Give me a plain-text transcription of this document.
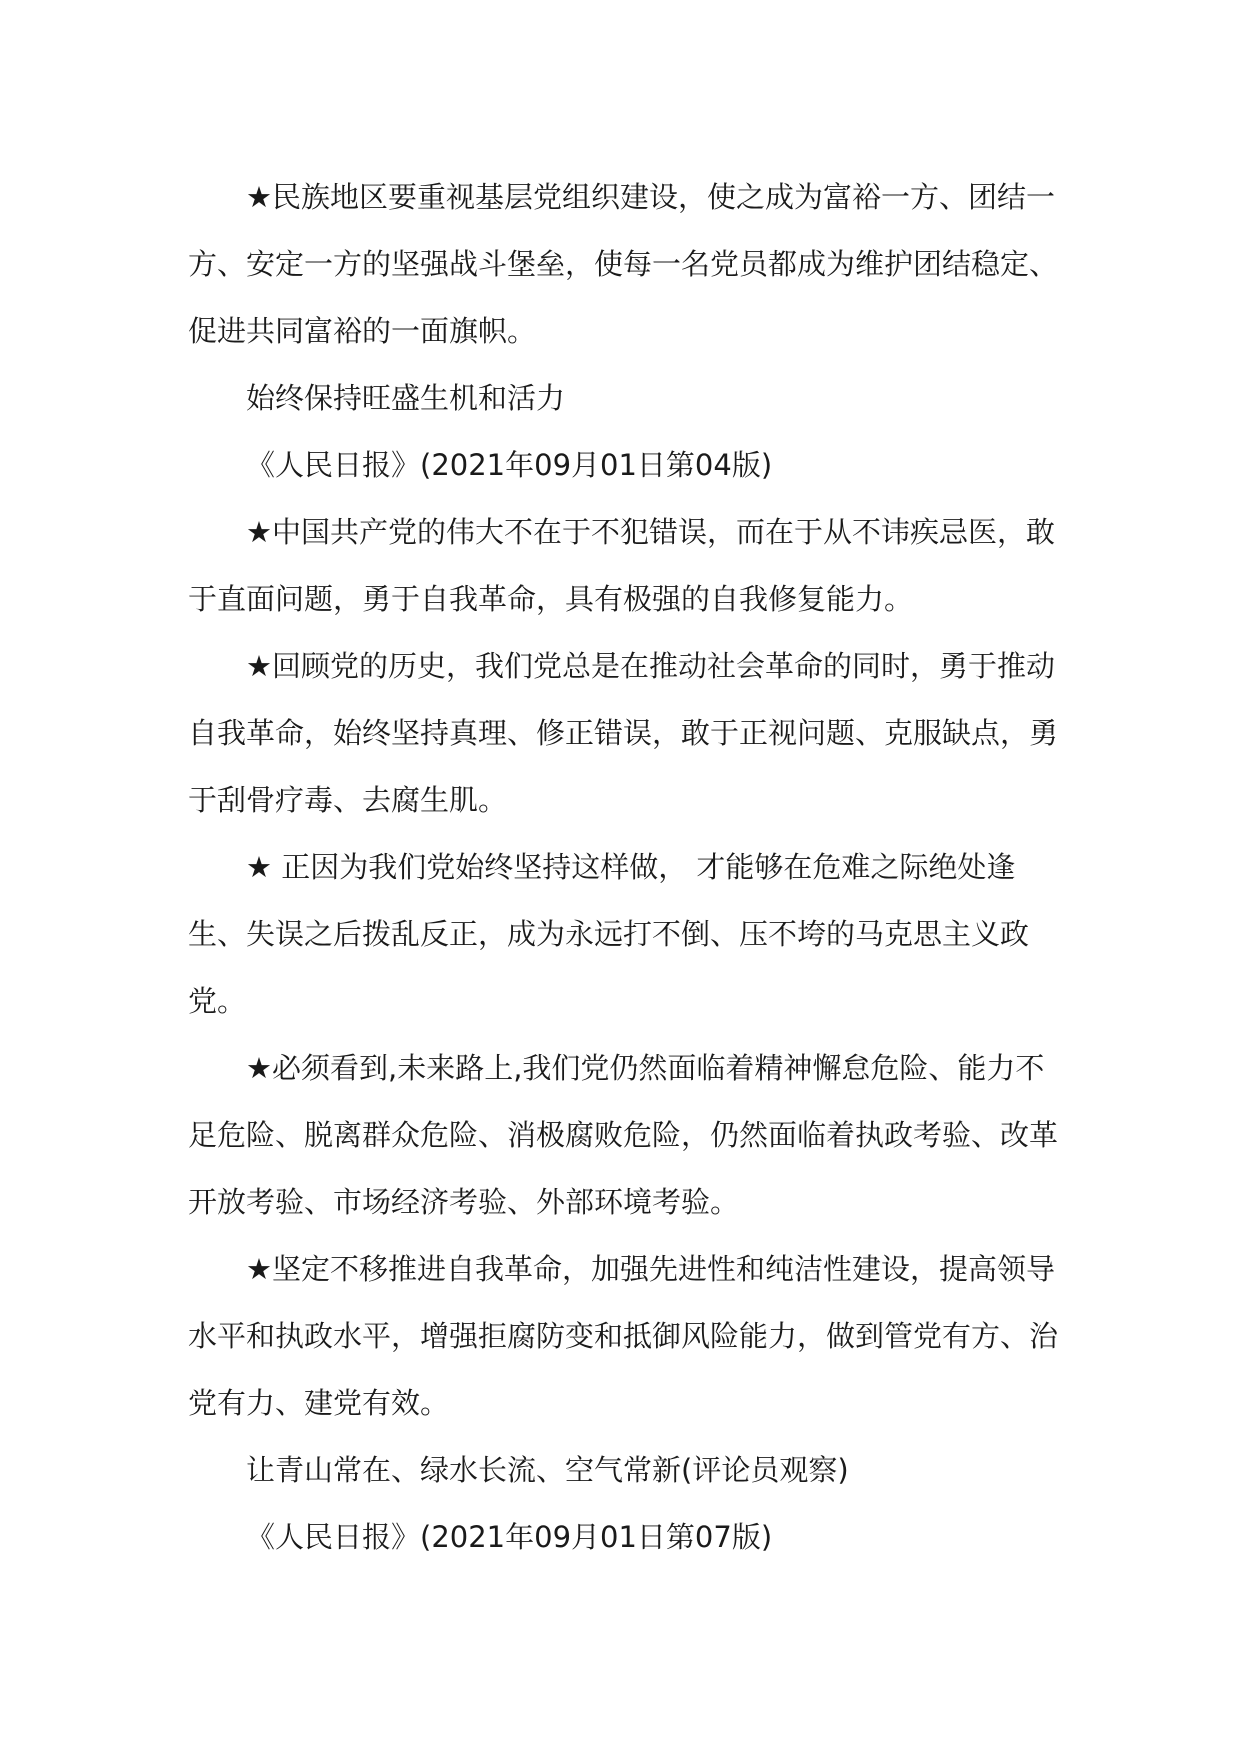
★民族地区要重视基层党组织建设，使之成为富裕一方、团结一方、安定一方的坚强战斗堡垒，使每一名党员都成为维护团结稳定、促进共同富裕的一面旗帜。

始终保持旺盛生机和活力

《人民日报》(2021年09月01日第04版)

★中国共产党的伟大不在于不犯错误，而在于从不讳疾忌医，敢于直面问题，勇于自我革命，具有极强的自我修复能力。

★回顾党的历史，我们党总是在推动社会革命的同时，勇于推动自我革命，始终坚持真理、修正错误，敢于正视问题、克服缺点，勇于刮骨疗毒、去腐生肌。

★ 正因为我们党始终坚持这样做， 才能够在危难之际绝处逢生、失误之后拨乱反正，成为永远打不倒、压不垮的马克思主义政党。

★必须看到,未来路上,我们党仍然面临着精神懈怠危险、能力不足危险、脱离群众危险、消极腐败危险，仍然面临着执政考验、改革开放考验、市场经济考验、外部环境考验。

★坚定不移推进自我革命，加强先进性和纯洁性建设，提高领导水平和执政水平，增强拒腐防变和抵御风险能力，做到管党有方、治党有力、建党有效。

让青山常在、绿水长流、空气常新(评论员观察)

《人民日报》(2021年09月01日第07版)
